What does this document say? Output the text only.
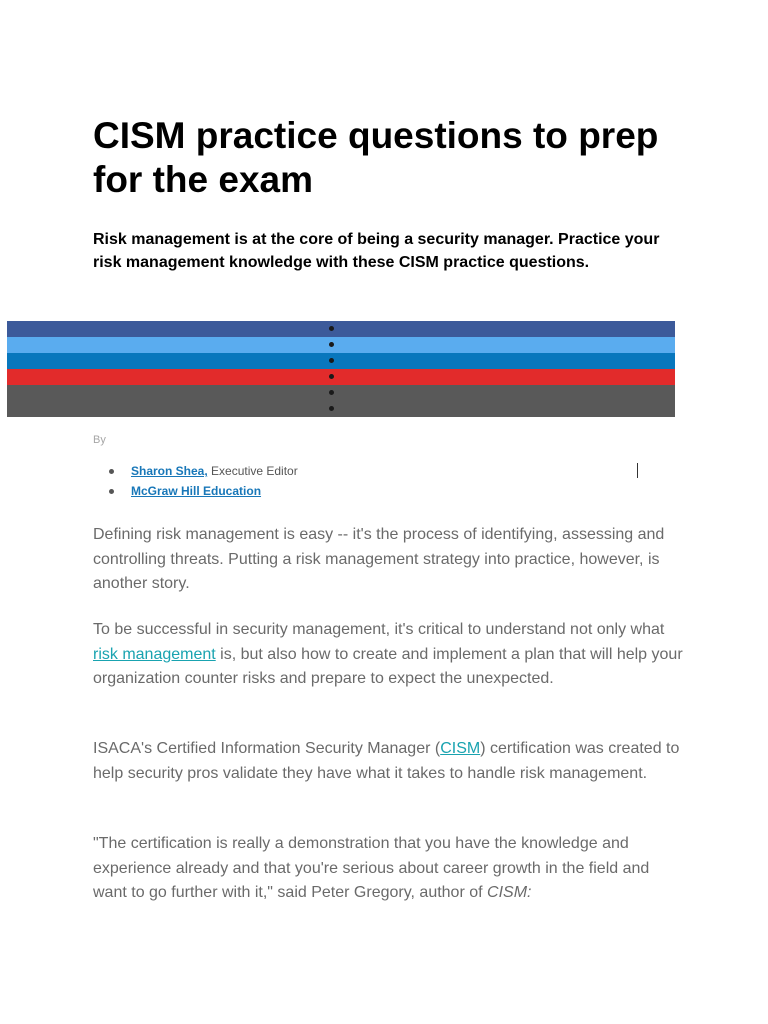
CISM practice questions to prep for the exam

Risk management is at the core of being a security manager. Practice your risk management knowledge with these CISM practice questions.

By
Sharon Shea, Executive Editor
McGraw Hill Education

Defining risk management is easy -- it's the process of identifying, assessing and controlling threats. Putting a risk management strategy into practice, however, is another story.

To be successful in security management, it's critical to understand not only what risk management is, but also how to create and implement a plan that will help your organization counter risks and prepare to expect the unexpected.

ISACA's Certified Information Security Manager (CISM) certification was created to help security pros validate they have what it takes to handle risk management.

"The certification is really a demonstration that you have the knowledge and experience already and that you're serious about career growth in the field and want to go further with it," said Peter Gregory, author of CISM:
